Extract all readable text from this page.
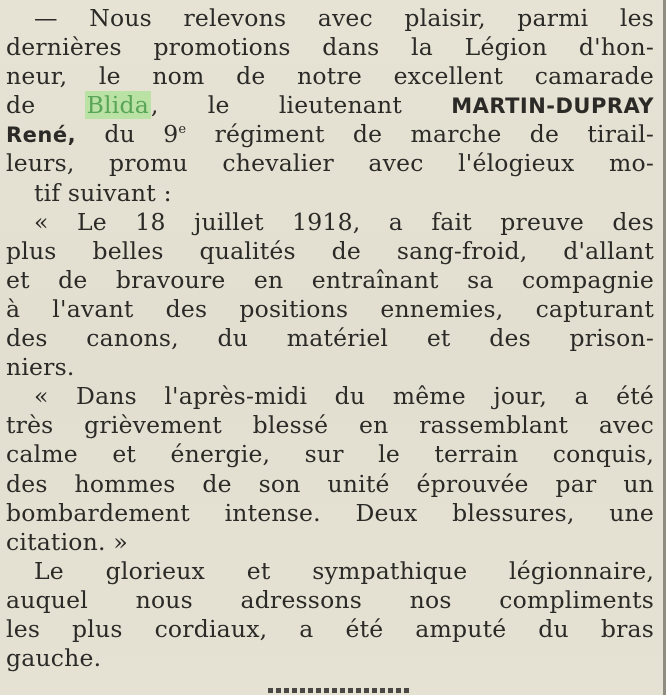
— Nous relevons avec plaisir, parmi les
dernières promotions dans la Légion d'hon-
neur, le nom de notre excellent camarade
de Blida, le lieutenant MARTIN-DUPRAY
René, du 9e régiment de marche de tirail-
leurs, promu chevalier avec l'élogieux mo-
tif suivant :
« Le 18 juillet 1918, a fait preuve des
plus belles qualités de sang-froid, d'allant
et de bravoure en entraînant sa compagnie
à l'avant des positions ennemies, capturant
des canons, du matériel et des prison-
niers.
« Dans l'après-midi du même jour, a été
très grièvement blessé en rassemblant avec
calme et énergie, sur le terrain conquis,
des hommes de son unité éprouvée par un
bombardement intense. Deux blessures, une
citation. »
Le glorieux et sympathique légionnaire,
auquel nous adressons nos compliments
les plus cordiaux, a été amputé du bras
gauche.
